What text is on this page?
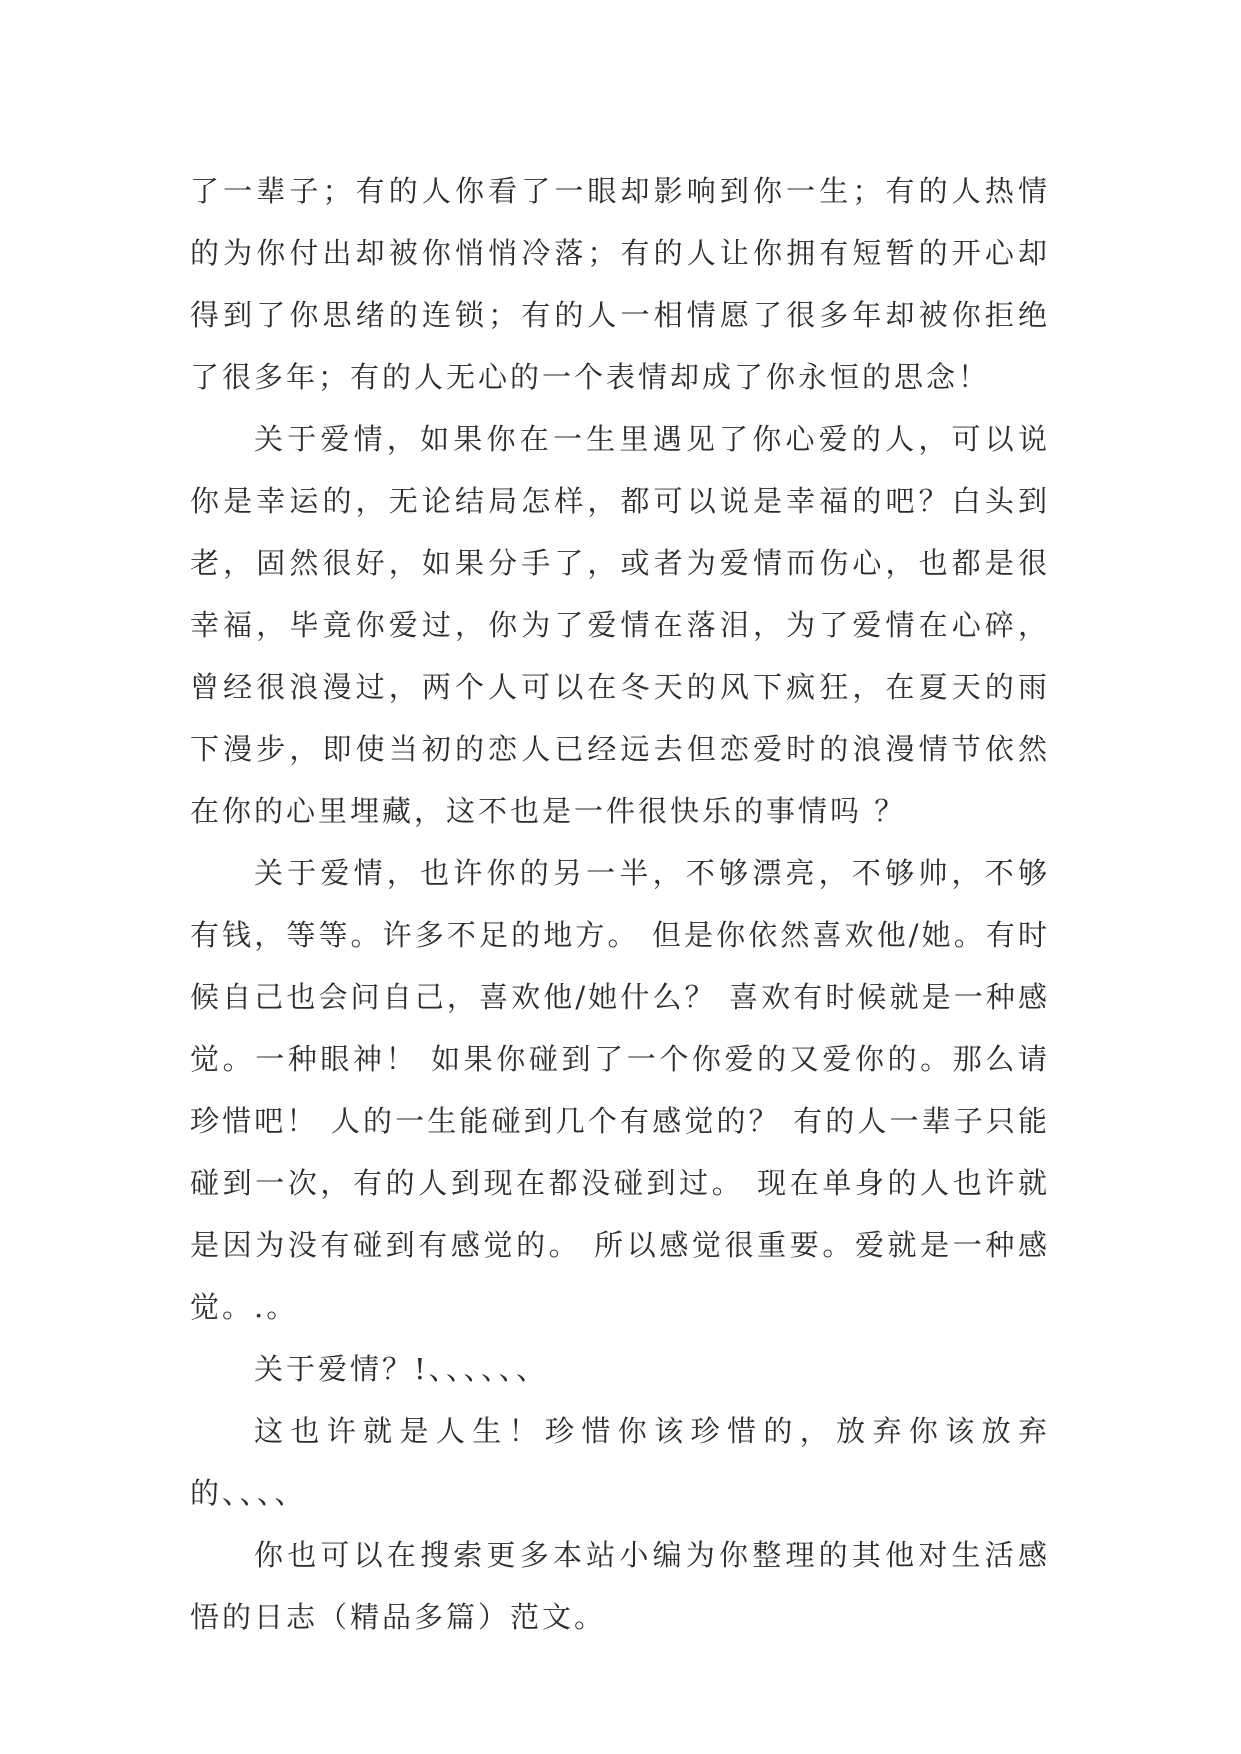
了一辈子；有的人你看了一眼却影响到你一生；有的人热情的为你付出却被你悄悄冷落；有的人让你拥有短暂的开心却得到了你思绪的连锁；有的人一相情愿了很多年却被你拒绝了很多年；有的人无心的一个表情却成了你永恒的思念！

关于爱情，如果你在一生里遇见了你心爱的人，可以说你是幸运的，无论结局怎样，都可以说是幸福的吧？白头到老，固然很好，如果分手了，或者为爱情而伤心，也都是很幸福，毕竟你爱过，你为了爱情在落泪，为了爱情在心碎，曾经很浪漫过，两个人可以在冬天的风下疯狂，在夏天的雨下漫步，即使当初的恋人已经远去但恋爱时的浪漫情节依然在你的心里埋藏，这不也是一件很快乐的事情吗 ？

关于爱情，也许你的另一半，不够漂亮，不够帅，不够有钱，等等。许多不足的地方。 但是你依然喜欢他/她。有时候自己也会问自己，喜欢他/她什么？ 喜欢有时候就是一种感觉。一种眼神！ 如果你碰到了一个你爱的又爱你的。那么请珍惜吧！ 人的一生能碰到几个有感觉的？ 有的人一辈子只能碰到一次，有的人到现在都没碰到过。 现在单身的人也许就是因为没有碰到有感觉的。 所以感觉很重要。爱就是一种感觉。.。

关于爱情？!、、、、、、

这也许就是人生！珍惜你该珍惜的，放弃你该放弃的、、、、

你也可以在搜索更多本站小编为你整理的其他对生活感悟的日志（精品多篇）范文。
